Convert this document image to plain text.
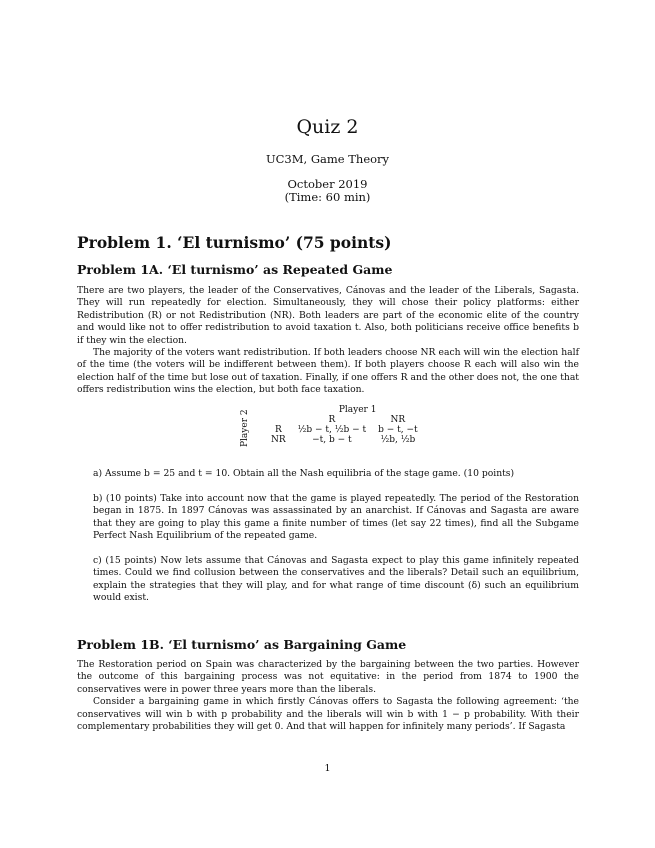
Quiz 2
UC3M, Game Theory
October 2019
(Time: 60 min)
Problem 1. ‘El turnismo’ (75 points)
Problem 1A. ‘El turnismo’ as Repeated Game

There are two players, the leader of the Conservatives, Cánovas and the leader of the Liberals, Sagasta. They will run repeatedly for election. Simultaneously, they will chose their policy platforms: either Redistribution (R) or not Redistribution (NR). Both leaders are part of the economic elite of the country and would like not to offer redistribution to avoid taxation t. Also, both politicians receive office benefits b if they win the election.

The majority of the voters want redistribution. If both leaders choose NR each will win the election half of the time (the voters will be indifferent between them). If both players choose R each will also win the election half of the time but lose out of taxation. Finally, if one offers R and the other does not, the one that offers redistribution wins the election, but both face taxation.

		Player 1	

Player 2		R	NR
	R	½b − t, ½b − t	b − t, −t
	NR	−t, b − t	½b, ½b
a) Assume b = 25 and t = 10. Obtain all the Nash equilibria of the stage game. (10 points)
b) (10 points) Take into account now that the game is played repeatedly. The period of the Restoration began in 1875. In 1897 Cánovas was assassinated by an anarchist. If Cánovas and Sagasta are aware that they are going to play this game a finite number of times (let say 22 times), find all the Subgame Perfect Nash Equilibrium of the repeated game.
c) (15 points) Now lets assume that Cánovas and Sagasta expect to play this game infinitely repeated times. Could we find collusion between the conservatives and the liberals? Detail such an equilibrium, explain the strategies that they will play, and for what range of time discount (δ) such an equilibrium would exist.
Problem 1B. ‘El turnismo’ as Bargaining Game

The Restoration period on Spain was characterized by the bargaining between the two parties. However the outcome of this bargaining process was not equitative: in the period from 1874 to 1900 the conservatives were in power three years more than the liberals.

Consider a bargaining game in which firstly Cánovas offers to Sagasta the following agreement: ‘the conservatives will win b with p probability and the liberals will win b with 1 − p probability. With their complementary probabilities they will get 0. And that will happen for infinitely many periods’. If Sagasta

1
